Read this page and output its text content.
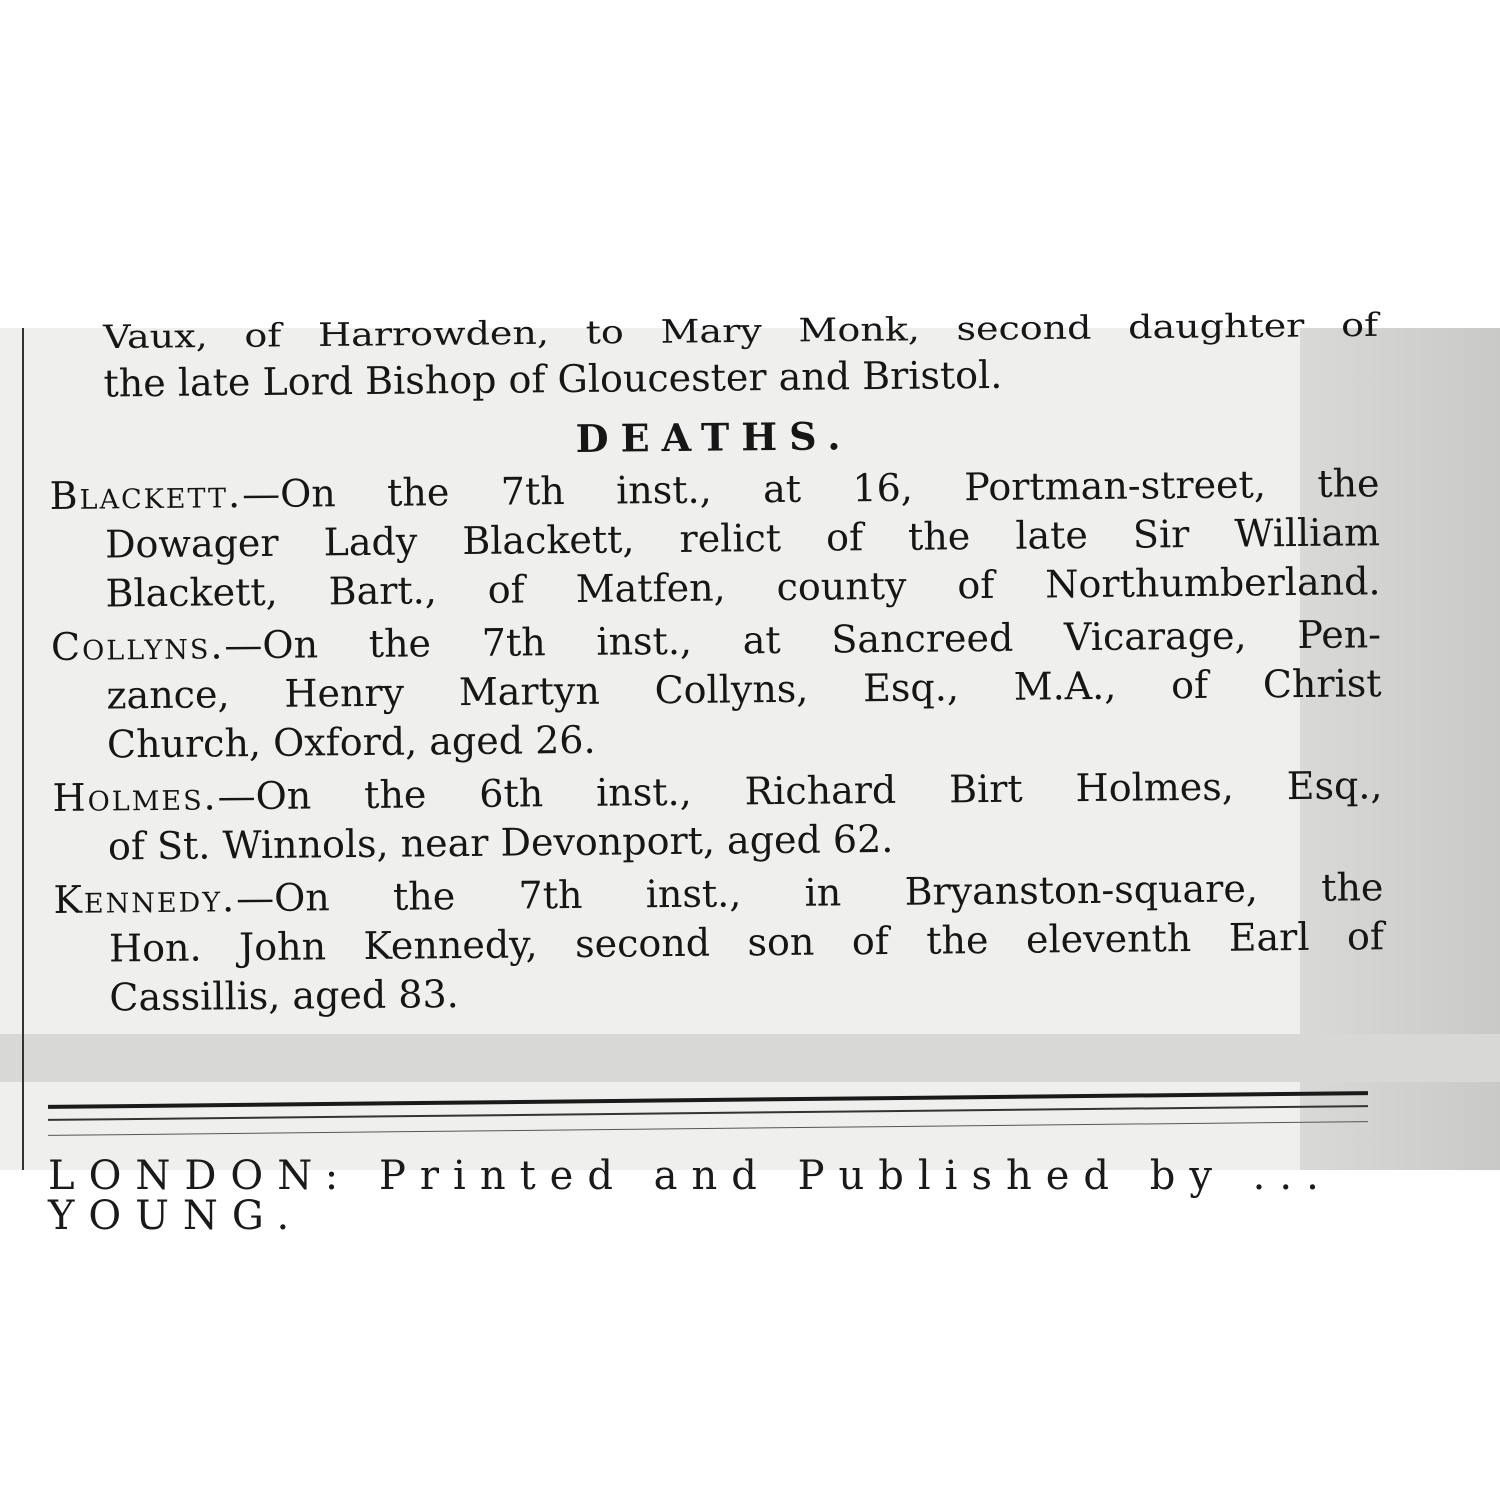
Vaux, of Harrowden, to Mary Monk, second daughter of

the late Lord Bishop of Gloucester and Bristol.

DEATHS.

Blackett.—On the 7th inst., at 16, Portman-street, the

Dowager Lady Blackett, relict of the late Sir William

Blackett, Bart., of Matfen, county of Northumberland.

Collyns.—On the 7th inst., at Sancreed Vicarage, Pen-

zance, Henry Martyn Collyns, Esq., M.A., of Christ

Church, Oxford, aged 26.

Holmes.—On the 6th inst., Richard Birt Holmes, Esq.,

of St. Winnols, near Devonport, aged 62.

Kennedy.—On the 7th inst., in Bryanston-square, the

Hon. John Kennedy, second son of the eleventh Earl of

Cassillis, aged 83.

LONDON: Printed and Published by ... YOUNG.
